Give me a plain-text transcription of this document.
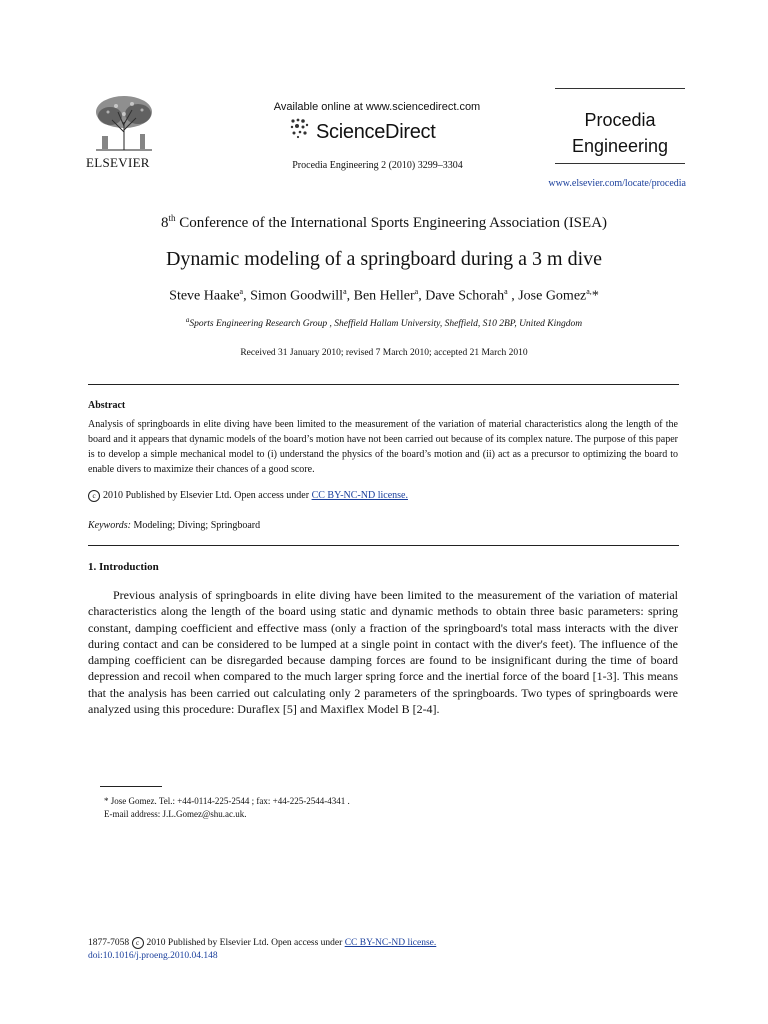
ELSEVIER
Available online at www.sciencedirect.com
ScienceDirect
Procedia Engineering 2 (2010) 3299–3304
Procedia
Engineering
www.elsevier.com/locate/procedia
8th Conference of the International Sports Engineering Association (ISEA)
Dynamic modeling of a springboard during a 3 m dive
Steve Haake$^a$, Simon Goodwill$^a$, Ben Heller$^a$, Dave Schorah$^a$ , Jose Gomez$^{a,}$*
$^a$Sports Engineering Research Group , Sheffield Hallam University, Sheffield, S10 2BP, United Kingdom
Received 31 January 2010; revised 7 March 2010; accepted 21 March 2010
Abstract
Analysis of springboards in elite diving have been limited to the measurement of the variation of material characteristics along the length of the board and it appears that dynamic models of the board’s motion have not been carried out because of its complex nature. The purpose of this paper is to develop a simple mechanical model to (i) understand the physics of the board’s motion and (ii) act as a precursor to optimizing the board to enable divers to maximize their chances of a good score.
c 2010 Published by Elsevier Ltd. Open access under CC BY-NC-ND license.
Keywords: Modeling; Diving; Springboard
1. Introduction
Previous analysis of springboards in elite diving have been limited to the measurement of the variation of material characteristics along the length of the board using static and dynamic methods to obtain three basic parameters: spring constant, damping coefficient and effective mass (only a fraction of the springboard's total mass interacts with the diver during contact and can be considered to be lumped at a single point in contact with the diver's feet). The influence of the damping coefficient can be disregarded because damping forces are found to be insignificant during the time of board depression and recoil when compared to the much larger spring force and the inertial force of the board [1-3]. This means that the analysis has been carried out calculating only 2 parameters of the springboards. Two types of springboards were analyzed using this procedure: Duraflex [5] and Maxiflex Model B [2-4].
* Jose Gomez. Tel.: +44-0114-225-2544 ; fax: +44-225-2544-4341 .
E-mail address: J.L.Gomez@shu.ac.uk.
1877-7058 c 2010 Published by Elsevier Ltd. Open access under CC BY-NC-ND license.
doi:10.1016/j.proeng.2010.04.148
